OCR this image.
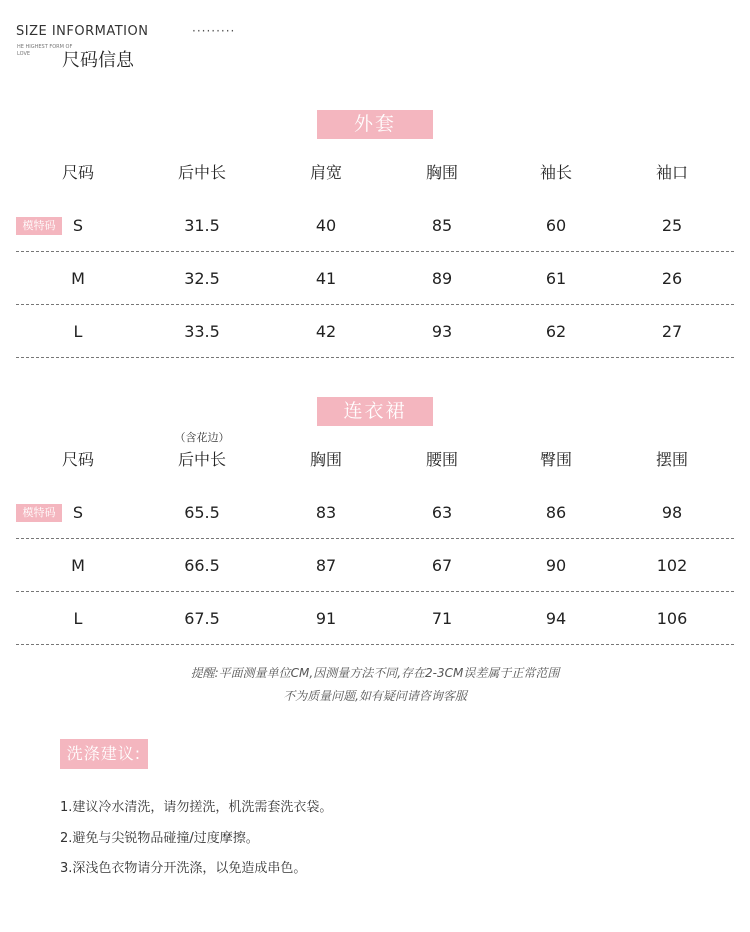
SIZE INFORMATION	·········
HE HIGHEST FORM OF LOVE	尺码信息
外套
尺码	后中长	肩宽	胸围	袖长	袖口
模特码	S	31.5	40	85	60	25
M	32.5	41	89	61	26
L	33.5	42	93	62	27
连衣裙
（含花边）
尺码	后中长	胸围	腰围	臀围	摆围
模特码	S	65.5	83	63	86	98
M	66.5	87	67	90	102
L	67.5	91	71	94	106
提醒:平面测量单位CM,因测量方法不同,存在2-3CM误差属于正常范围
不为质量问题,如有疑问请咨询客服
洗涤建议:
1.建议冷水清洗，请勿搓洗，机洗需套洗衣袋。
2.避免与尖锐物品碰撞/过度摩擦。
3.深浅色衣物请分开洗涤，以免造成串色。
